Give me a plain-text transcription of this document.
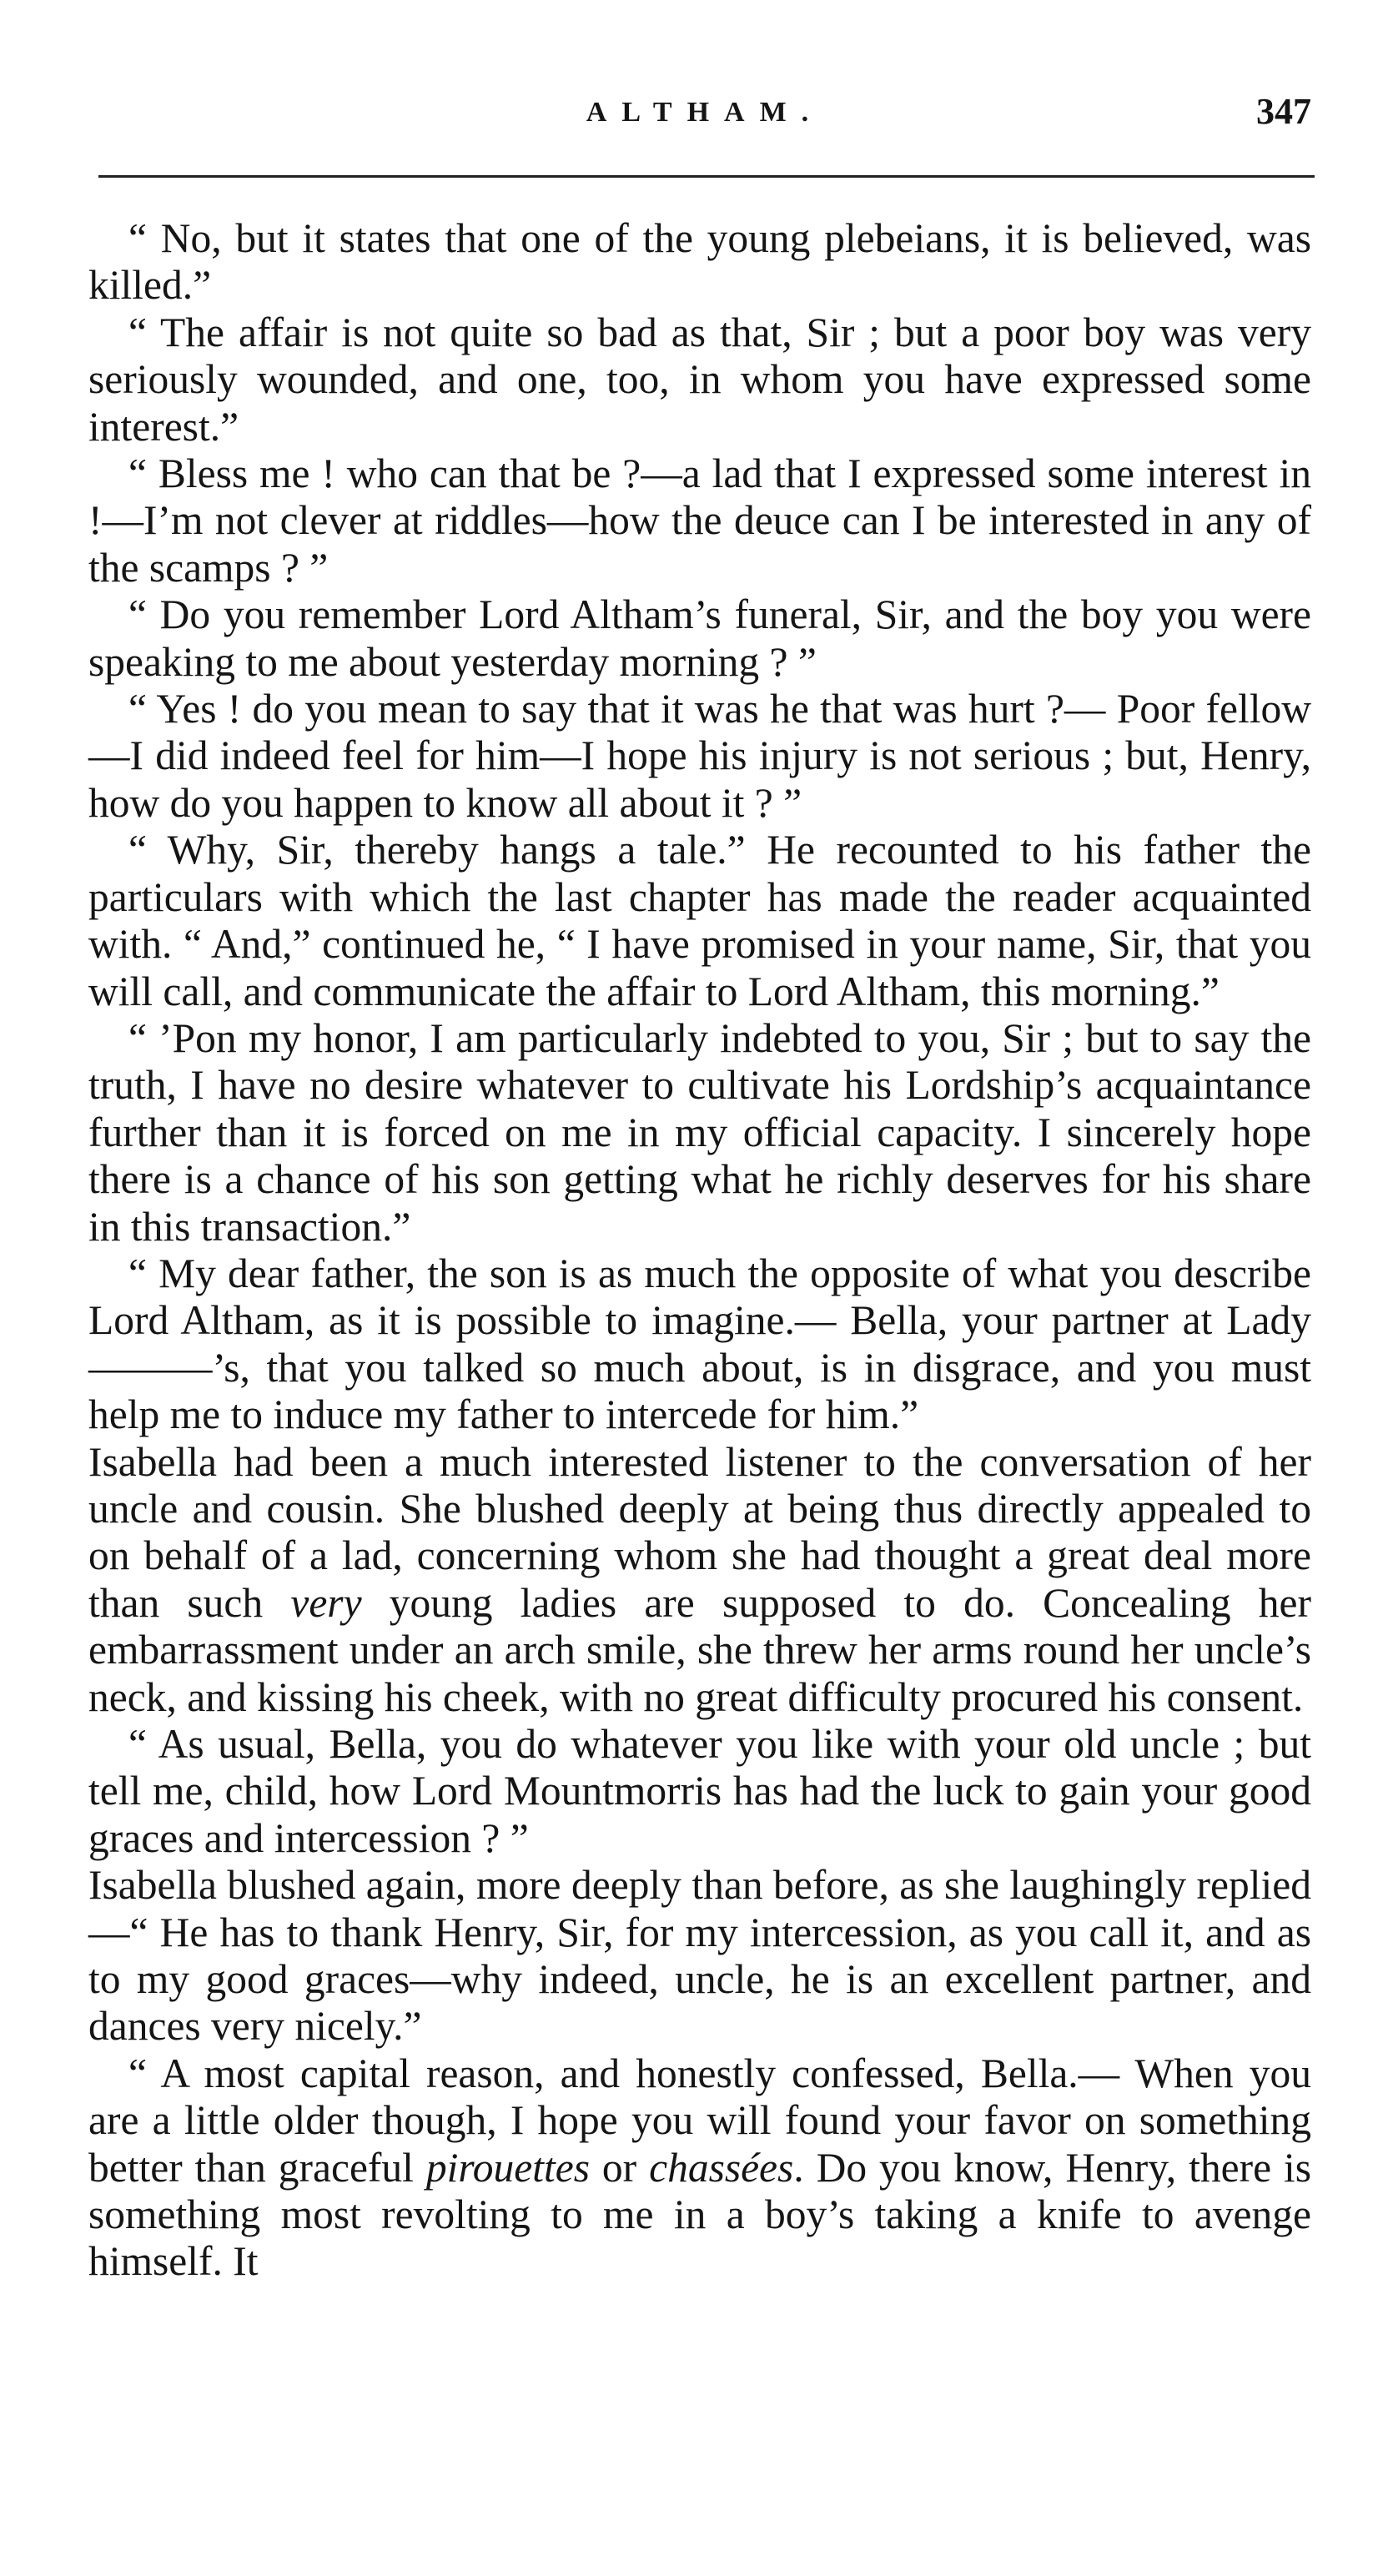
ALTHAM.	347

“ No, but it states that one of the young plebeians, it is believed, was killed.”

“ The affair is not quite so bad as that, Sir ; but a poor boy was very seriously wounded, and one, too, in whom you have expressed some interest.”

“ Bless me ! who can that be ?—a lad that I expressed some interest in !—I’m not clever at riddles—how the deuce can I be interested in any of the scamps ? ”

“ Do you remember Lord Altham’s funeral, Sir, and the boy you were speaking to me about yesterday morning ? ”

“ Yes ! do you mean to say that it was he that was hurt ?— Poor fellow—I did indeed feel for him—I hope his injury is not serious ; but, Henry, how do you happen to know all about it ? ”

“ Why, Sir, thereby hangs a tale.” He recounted to his father the particulars with which the last chapter has made the reader acquainted with. “ And,” continued he, “ I have promised in your name, Sir, that you will call, and communicate the affair to Lord Altham, this morning.”

“ ’Pon my honor, I am particularly indebted to you, Sir ; but to say the truth, I have no desire whatever to cultivate his Lordship’s acquaintance further than it is forced on me in my official capacity. I sincerely hope there is a chance of his son getting what he richly deserves for his share in this transaction.”

“ My dear father, the son is as much the opposite of what you describe Lord Altham, as it is possible to imagine.— Bella, your partner at Lady ———’s, that you talked so much about, is in disgrace, and you must help me to induce my father to intercede for him.”

Isabella had been a much interested listener to the conversation of her uncle and cousin. She blushed deeply at being thus directly appealed to on behalf of a lad, concerning whom she had thought a great deal more than such very young ladies are supposed to do. Concealing her embarrassment under an arch smile, she threw her arms round her uncle’s neck, and kissing his cheek, with no great difficulty procured his consent.

“ As usual, Bella, you do whatever you like with your old uncle ; but tell me, child, how Lord Mountmorris has had the luck to gain your good graces and intercession ? ”

Isabella blushed again, more deeply than before, as she laughingly replied—“ He has to thank Henry, Sir, for my intercession, as you call it, and as to my good graces—why indeed, uncle, he is an excellent partner, and dances very nicely.”

“ A most capital reason, and honestly confessed, Bella.— When you are a little older though, I hope you will found your favor on something better than graceful pirouettes or chassées. Do you know, Henry, there is something most revolting to me in a boy’s taking a knife to avenge himself. It
